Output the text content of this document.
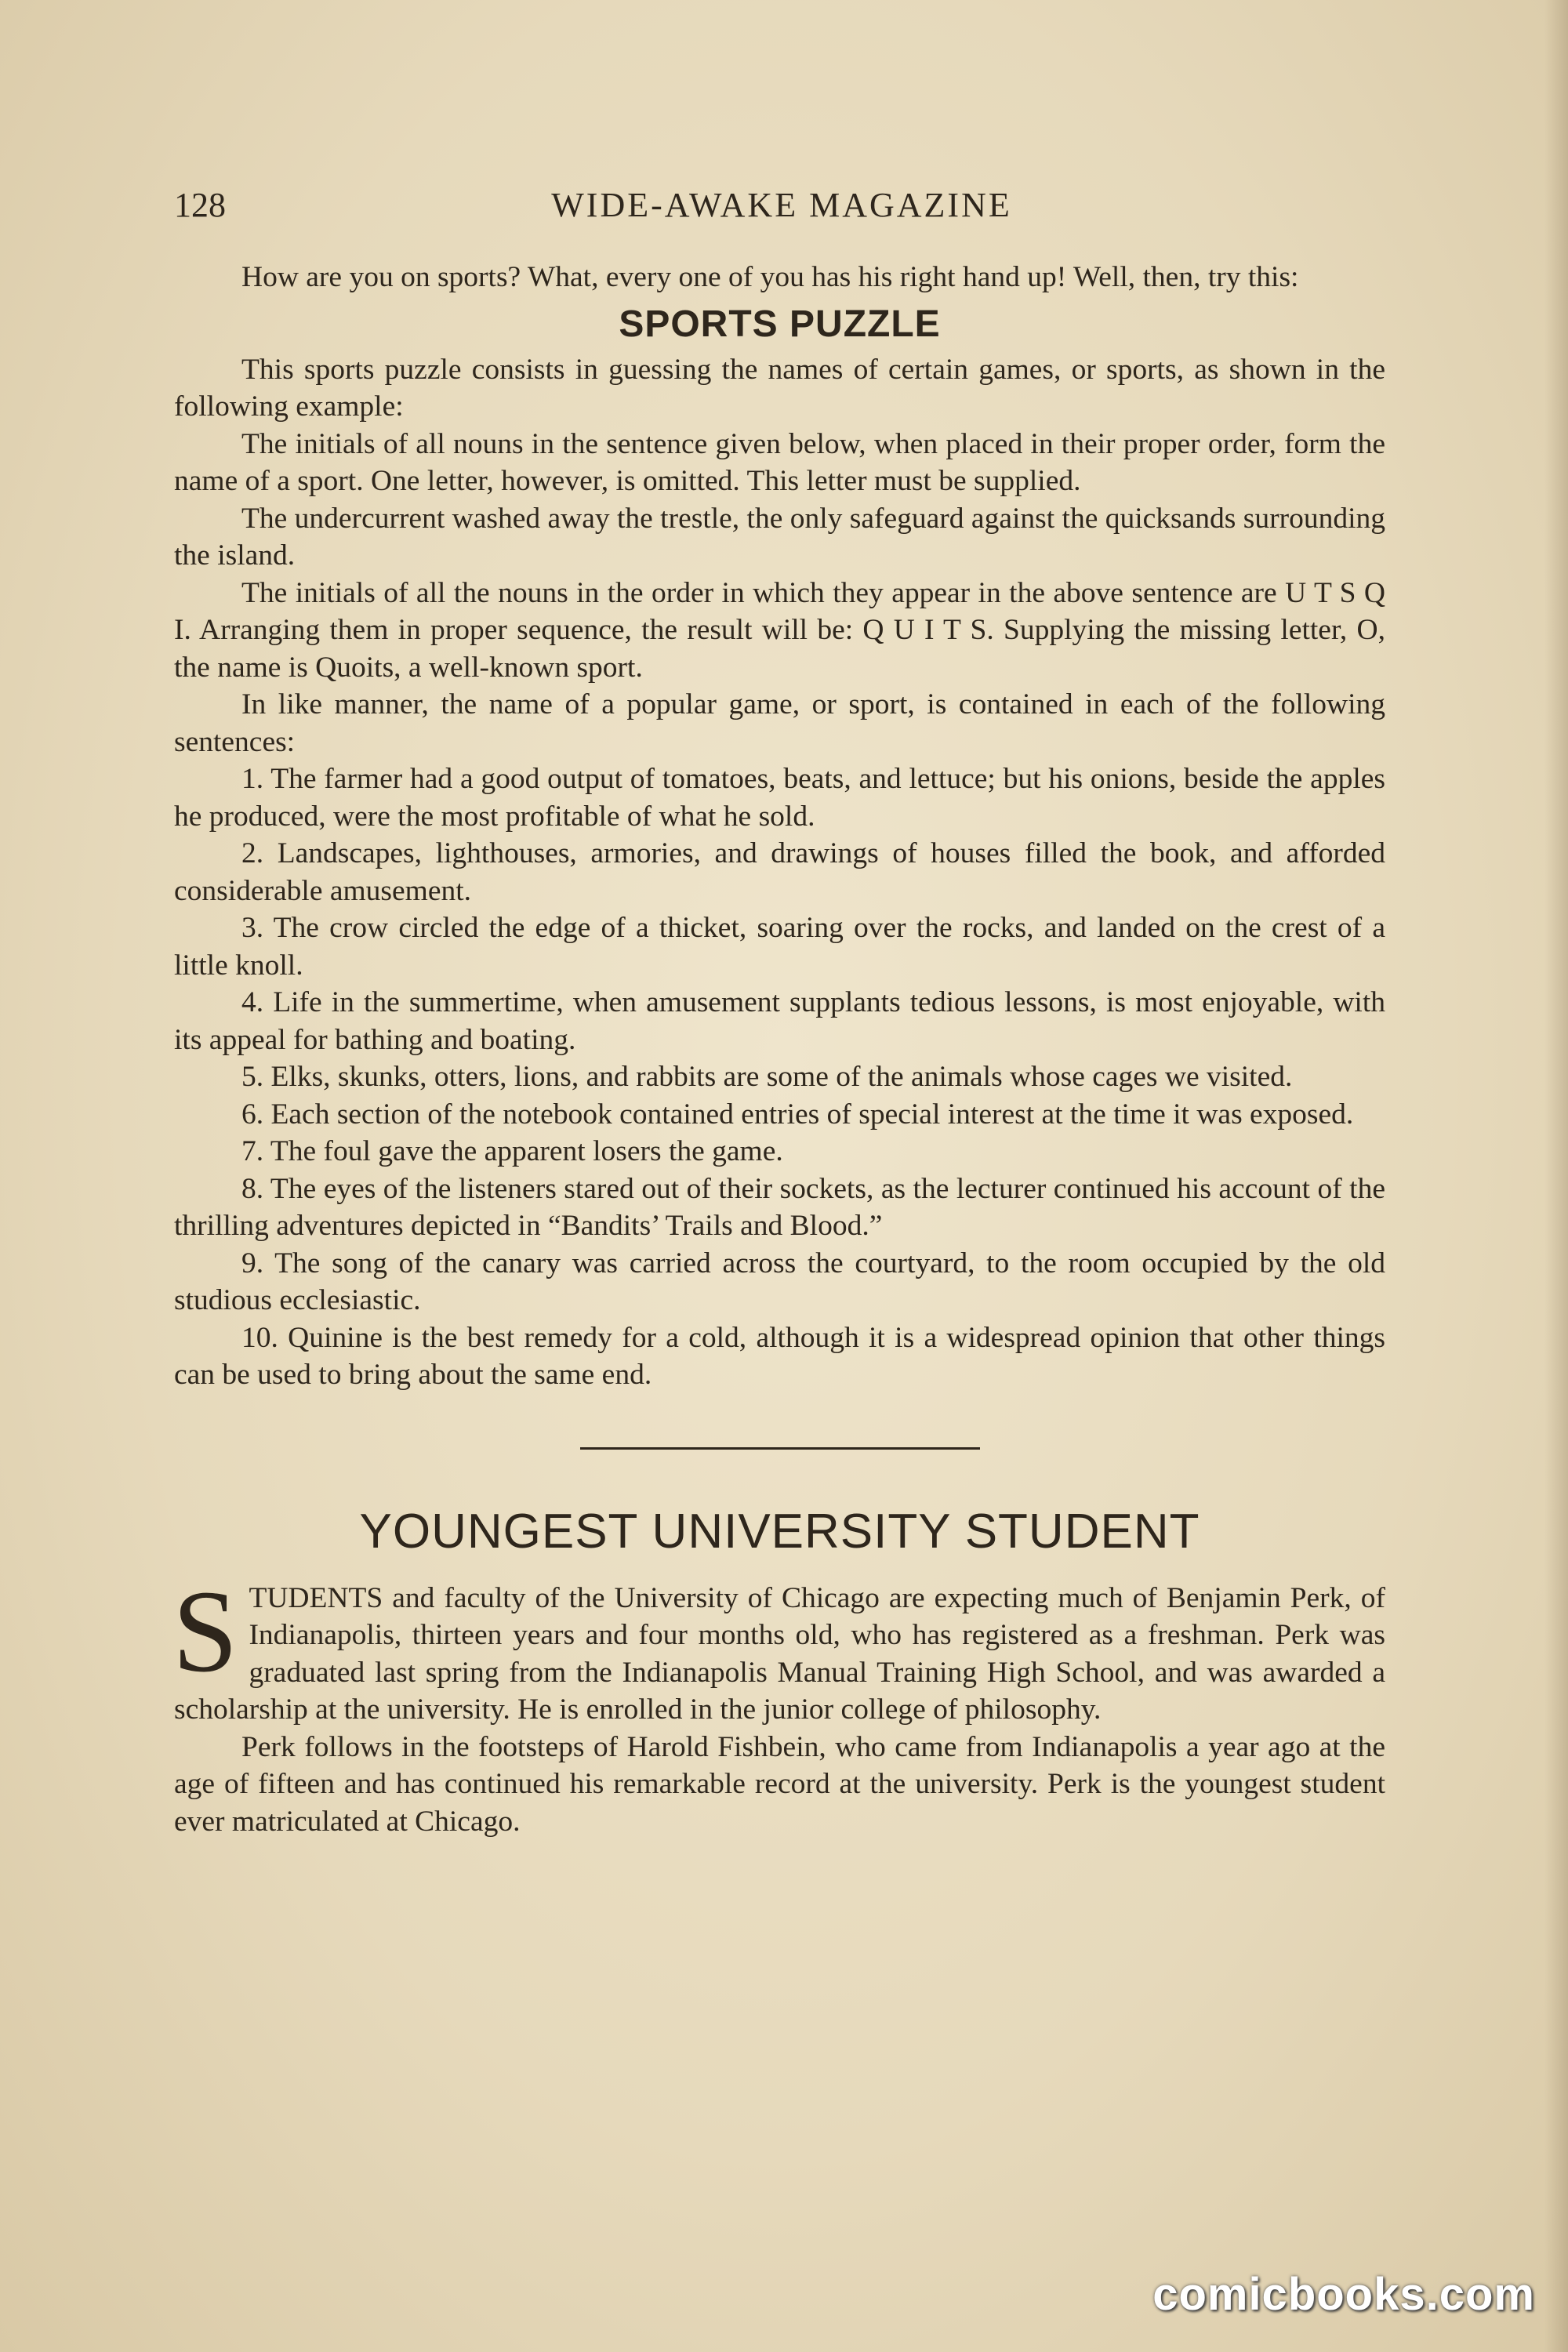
128	WIDE-AWAKE MAGAZINE

How are you on sports? What, every one of you has his right hand up! Well, then, try this:

SPORTS PUZZLE

This sports puzzle consists in guessing the names of certain games, or sports, as shown in the following example:

The initials of all nouns in the sentence given below, when placed in their proper order, form the name of a sport. One letter, however, is omitted. This letter must be supplied.

The undercurrent washed away the trestle, the only safeguard against the quicksands surrounding the island.

The initials of all the nouns in the order in which they appear in the above sentence are U T S Q I. Arranging them in proper sequence, the result will be: Q U I T S. Supplying the missing letter, O, the name is Quoits, a well-known sport.

In like manner, the name of a popular game, or sport, is contained in each of the following sentences:

1. The farmer had a good output of tomatoes, beats, and lettuce; but his onions, beside the apples he produced, were the most profitable of what he sold.

2. Landscapes, lighthouses, armories, and drawings of houses filled the book, and afforded considerable amusement.

3. The crow circled the edge of a thicket, soaring over the rocks, and landed on the crest of a little knoll.

4. Life in the summertime, when amusement supplants tedious lessons, is most enjoyable, with its appeal for bathing and boating.

5. Elks, skunks, otters, lions, and rabbits are some of the animals whose cages we visited.

6. Each section of the notebook contained entries of special interest at the time it was exposed.

7. The foul gave the apparent losers the game.

8. The eyes of the listeners stared out of their sockets, as the lecturer continued his account of the thrilling adventures depicted in “Bandits’ Trails and Blood.”

9. The song of the canary was carried across the courtyard, to the room occupied by the old studious ecclesiastic.

10. Quinine is the best remedy for a cold, although it is a widespread opinion that other things can be used to bring about the same end.

YOUNGEST UNIVERSITY STUDENT

STUDENTS and faculty of the University of Chicago are expecting much of Benjamin Perk, of Indianapolis, thirteen years and four months old, who has registered as a freshman. Perk was graduated last spring from the Indianapolis Manual Training High School, and was awarded a scholarship at the university. He is enrolled in the junior college of philosophy.

Perk follows in the footsteps of Harold Fishbein, who came from Indianapolis a year ago at the age of fifteen and has continued his remarkable record at the university. Perk is the youngest student ever matriculated at Chicago.

comicbooks.com
